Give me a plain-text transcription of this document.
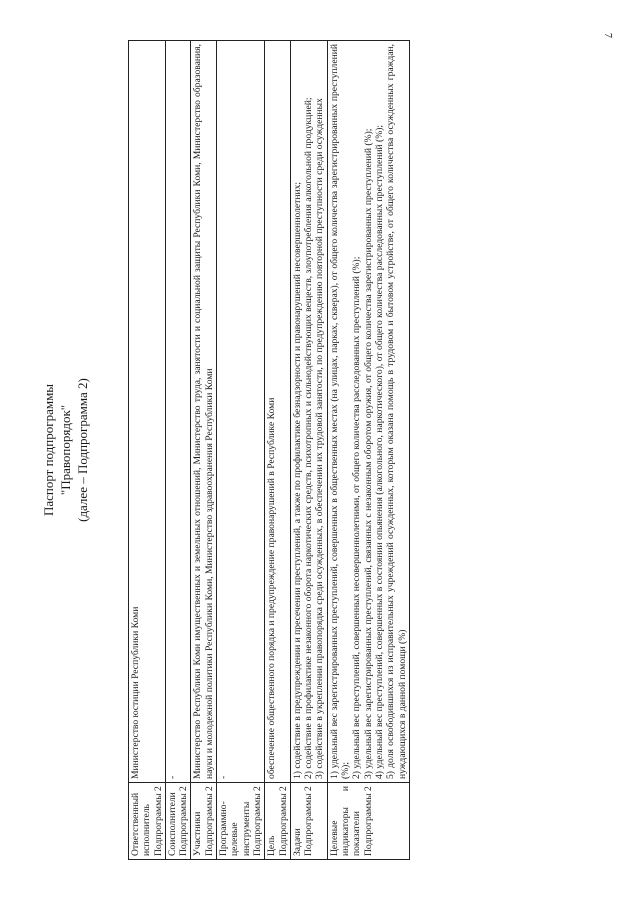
7
Паспорт подпрограммы "Правопорядок" (далее – Подпрограмма 2)
Ответственный исполнитель Подпрограммы 2	Министерство юстиции Республики Коми

Соисполнители Подпрограммы 2	-

Участники Подпрограммы 2	Министерство Республики Коми имущественных и земельных отношений, Министерство труда, занятости и социальной защиты Республики Коми, Министерство образования, науки и молодежной политики Республики Коми, Министерство здравоохранения Республики Коми

Программно-целевые инструменты Подпрограммы 2	-

Цель Подпрограммы 2	обеспечение общественного порядка и предупреждение правонарушений в Республике Коми

Задачи Подпрограммы 2	1) содействие в предупреждении и пресечении преступлений, а также по профилактике безнадзорности и правонарушений несовершеннолетних; 2) содействие в профилактике незаконного оборота наркотических средств, психотропных и сильнодействующих веществ, злоупотребления алкогольной продукцией; 3) содействие в укреплении правопорядка среди осужденных, в обеспечении их трудовой занятости, по предупреждению повторной преступности среди осужденных

Целевые индикаторы и показатели Подпрограммы 2	1) удельный вес зарегистрированных преступлений, совершенных в общественных местах (на улицах, парках, скверах), от общего количества зарегистрированных преступлений (%); 2) удельный вес преступлений, совершенных несовершеннолетними, от общего количества расследованных преступлений (%); 3) удельный вес зарегистрированных преступлений, связанных с незаконным оборотом оружия, от общего количества зарегистрированных преступлений (%); 4) удельный вес преступлений, совершенных в состоянии опьянения (алкогольного, наркотического), от общего количества расследованных преступлений (%); 5) доля освободившихся из исправительных учреждений осужденных, которым оказана помощь в трудовом и бытовом устройстве, от общего количества осужденных граждан, нуждающихся в данной помощи (%)
